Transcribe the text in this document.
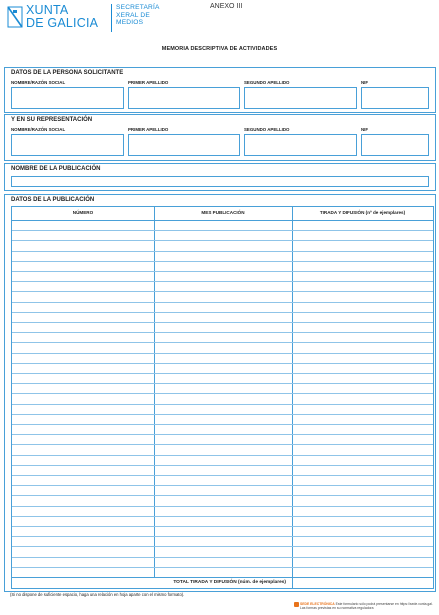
XUNTA
DE GALICIA
SECRETARÍA
XERAL DE
MEDIOS
ANEXO III
MEMORIA DESCRIPTIVA DE ACTIVIDADES
DATOS DE LA PERSONA SOLICITANTE
NOMBRE/RAZÓN SOCIAL	PRIMER APELLIDO	SEGUNDO APELLIDO	NIF
Y EN SU REPRESENTACIÓN
NOMBRE/RAZÓN SOCIAL	PRIMER APELLIDO	SEGUNDO APELLIDO	NIF
NOMBRE DE LA PUBLICACIÓN
DATOS DE LA PUBLICACIÓN
NÚMERO	MES PUBLICACIÓN	TIRADA Y DIFUSIÓN (nº de ejemplares)
TOTAL TIRADA Y DIFUSIÓN (núm. de ejemplares)
(Si no dispone de suficiente espacio, haga una relación en hoja aparte con el mismo formato).
SEDE ELECTRÓNICA Este formulario sólo podrá presentarse en https://sede.xunta.gal. Las formas previstas en su normativa reguladora
